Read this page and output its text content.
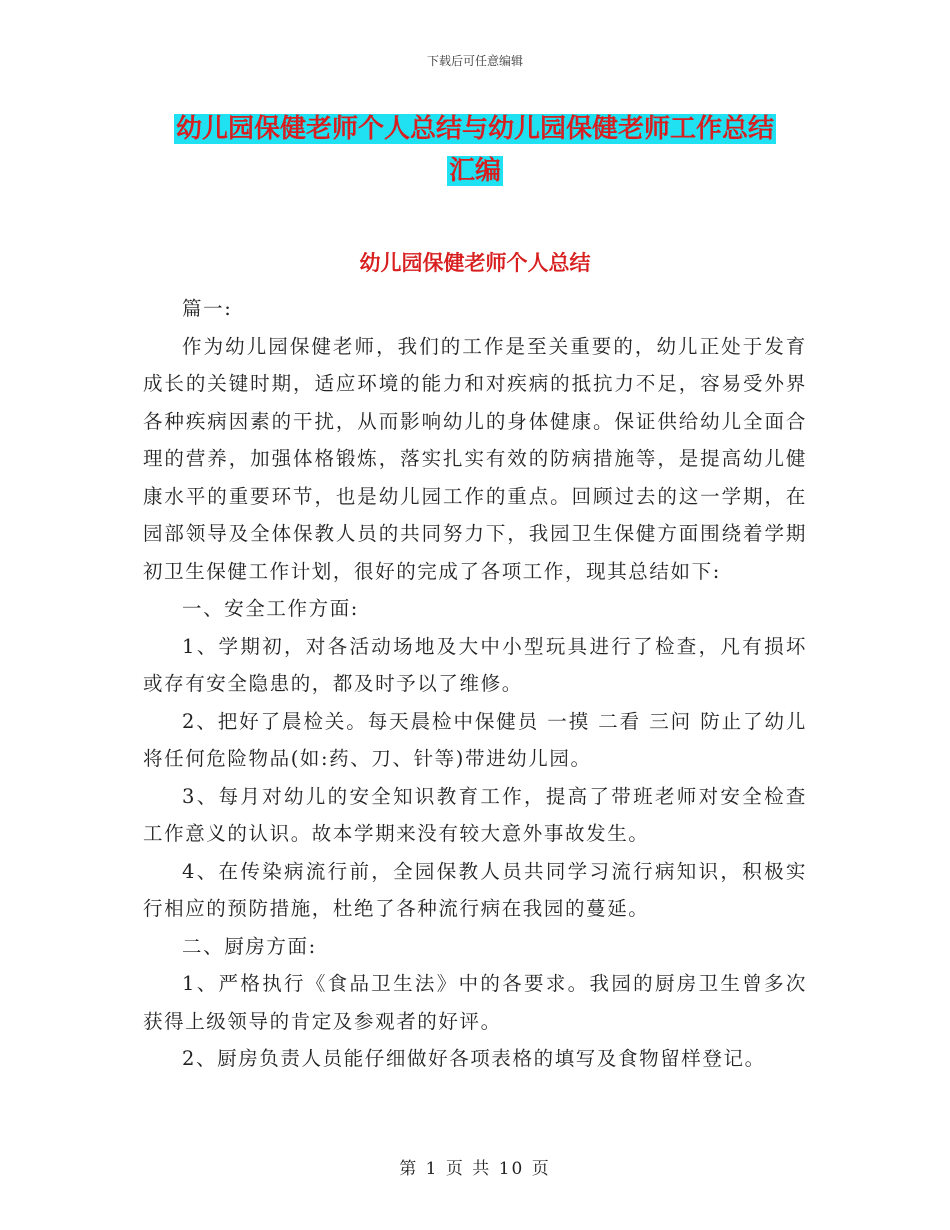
下载后可任意编辑
幼儿园保健老师个人总结与幼儿园保健老师工作总结
汇编
幼儿园保健老师个人总结

篇一:

作为幼儿园保健老师，我们的工作是至关重要的，幼儿正处于发育成长的关键时期，适应环境的能力和对疾病的抵抗力不足，容易受外界各种疾病因素的干扰，从而影响幼儿的身体健康。保证供给幼儿全面合理的营养，加强体格锻炼，落实扎实有效的防病措施等，是提高幼儿健康水平的重要环节，也是幼儿园工作的重点。回顾过去的这一学期，在园部领导及全体保教人员的共同努力下，我园卫生保健方面围绕着学期初卫生保健工作计划，很好的完成了各项工作，现其总结如下:

一、安全工作方面:

1、学期初，对各活动场地及大中小型玩具进行了检查，凡有损坏或存有安全隐患的，都及时予以了维修。

2、把好了晨检关。每天晨检中保健员 一摸 二看 三问 防止了幼儿将任何危险物品(如:药、刀、针等)带进幼儿园。

3、每月对幼儿的安全知识教育工作，提高了带班老师对安全检查工作意义的认识。故本学期来没有较大意外事故发生。

4、在传染病流行前，全园保教人员共同学习流行病知识，积极实行相应的预防措施，杜绝了各种流行病在我园的蔓延。

二、厨房方面:

1、严格执行《食品卫生法》中的各要求。我园的厨房卫生曾多次获得上级领导的肯定及参观者的好评。

2、厨房负责人员能仔细做好各项表格的填写及食物留样登记。

第 1 页 共 10 页
